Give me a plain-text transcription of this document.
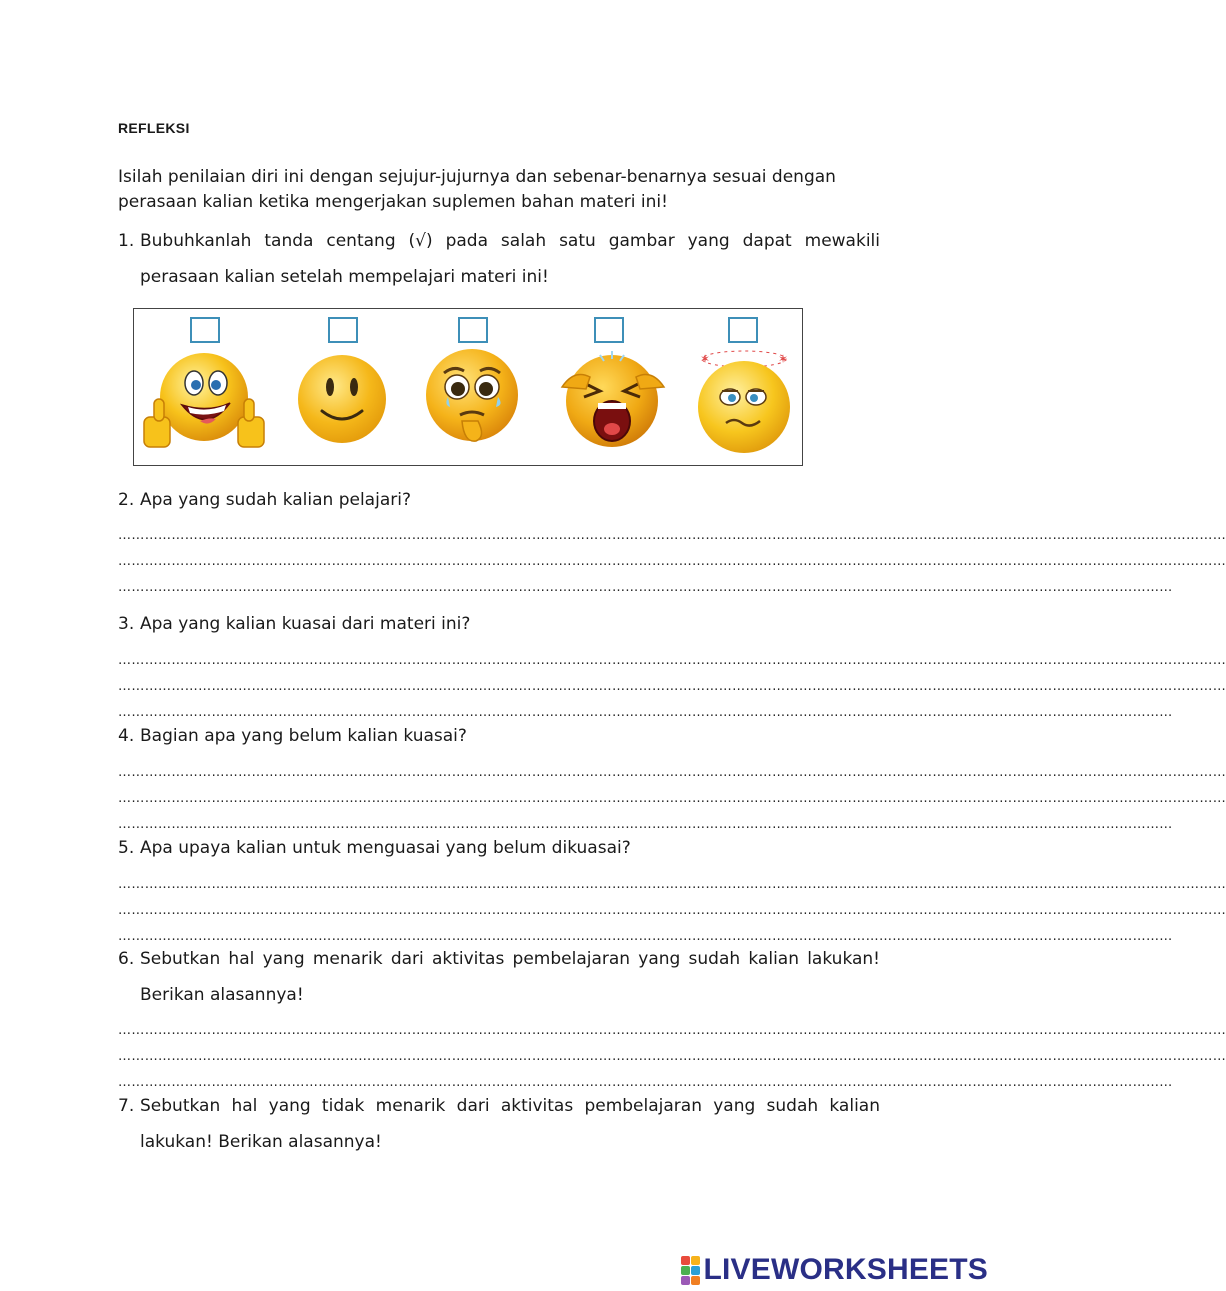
REFLEKSI
Isilah penilaian diri ini dengan sejujur-jujurnya dan sebenar-benarnya sesuai dengan perasaan kalian ketika mengerjakan suplemen bahan materi ini!
1. Bubuhkanlah tanda centang (√) pada salah satu gambar yang dapat mewakili perasaan kalian setelah mempelajari materi ini!
✶	✶
2. Apa yang sudah kalian pelajari?
……………………………………………………………………………………………………………………………………………………………………………………………………………………………
……………………………………………………………………………………………………………………………………………………………………………………………………………………………
…………………………………………………………………………………………………………………………………………………………………………………………………………………
3. Apa yang kalian kuasai dari materi ini?
……………………………………………………………………………………………………………………………………………………………………………………………………………………………
……………………………………………………………………………………………………………………………………………………………………………………………………………………………
…………………………………………………………………………………………………………………………………………………………………………………………………………………
4. Bagian apa yang belum kalian kuasai?
……………………………………………………………………………………………………………………………………………………………………………………………………………………………
……………………………………………………………………………………………………………………………………………………………………………………………………………………………
…………………………………………………………………………………………………………………………………………………………………………………………………………………
5. Apa upaya kalian untuk menguasai yang belum dikuasai?
……………………………………………………………………………………………………………………………………………………………………………………………………………………………
……………………………………………………………………………………………………………………………………………………………………………………………………………………………
…………………………………………………………………………………………………………………………………………………………………………………………………………………
6. Sebutkan hal yang menarik dari aktivitas pembelajaran yang sudah kalian lakukan! Berikan alasannya!
……………………………………………………………………………………………………………………………………………………………………………………………………………………………
……………………………………………………………………………………………………………………………………………………………………………………………………………………………
…………………………………………………………………………………………………………………………………………………………………………………………………………………
7. Sebutkan hal yang tidak menarik dari aktivitas pembelajaran yang sudah kalian lakukan! Berikan alasannya!
LIVEWORKSHEETS
